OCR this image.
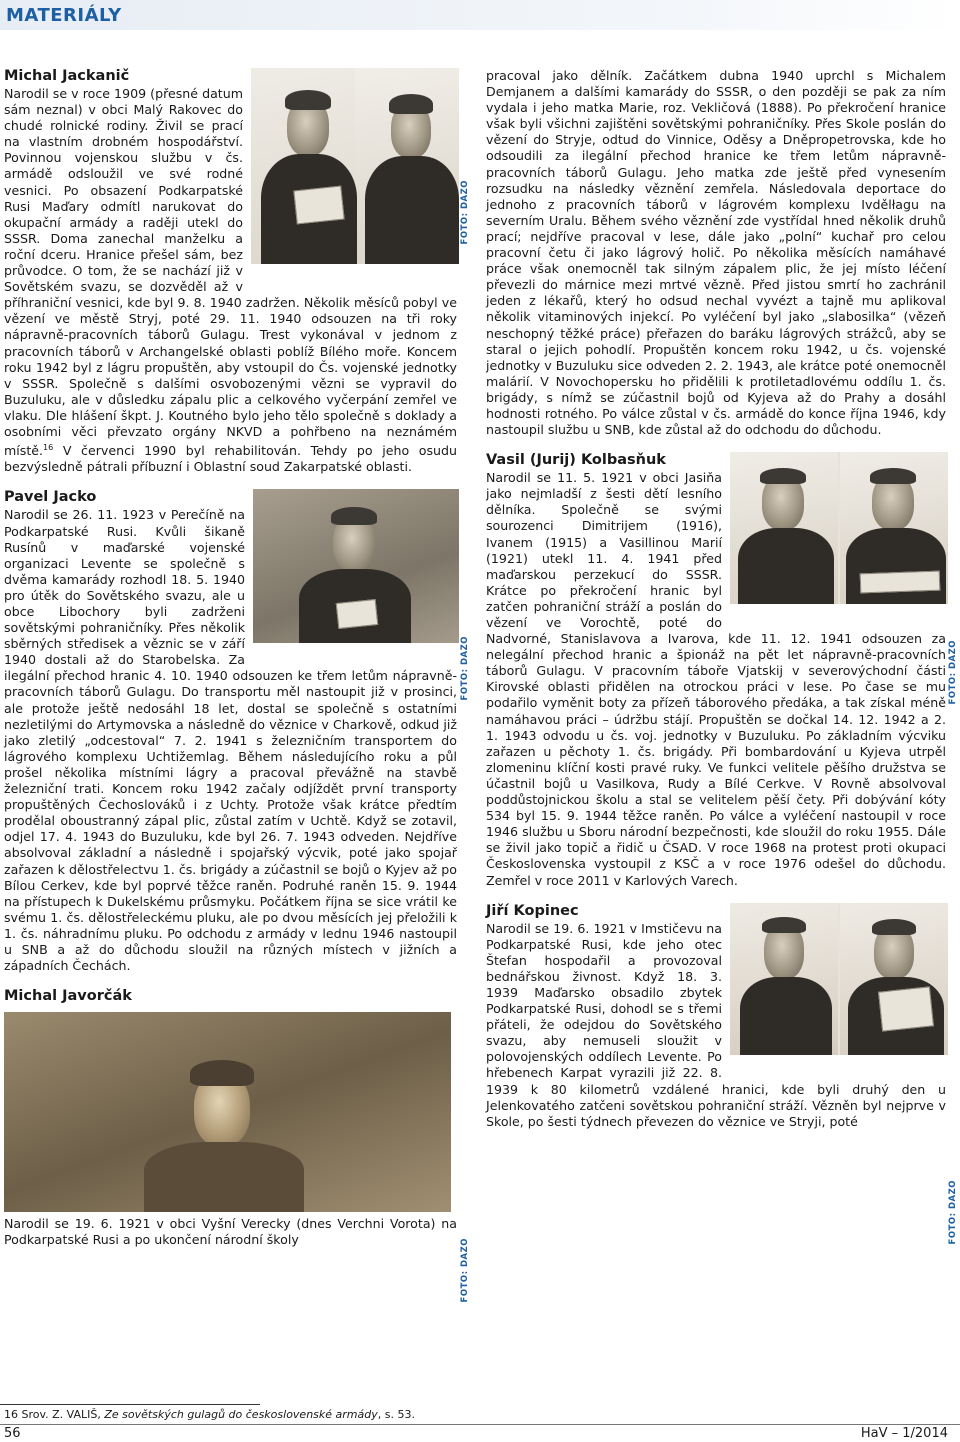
MATERIÁLY
Michal Jackanič
Narodil se v roce 1909 (přesné datum sám neznal) v obci Malý Rakovec do chudé rolnické rodiny. Živil se prací na vlastním drobném hospodářství. Povinnou vojenskou službu v čs. armádě odsloužil ve své rodné vesnici. Po obsazení Podkarpatské Rusi Maďary odmítl narukovat do okupační armády a raději utekl do SSSR. Doma zanechal manželku a roční dceru. Hranice přešel sám, bez průvodce. O tom, že se nachází již v Sovětském svazu, se dozvěděl až v příhraniční vesnici, kde byl 9. 8. 1940 zadržen. Několik měsíců pobyl ve vězení ve městě Stryj, poté 29. 11. 1940 odsouzen na tři roky nápravně-pracovních táborů Gulagu. Trest vykonával v jednom z pracovních táborů v Archangelské oblasti poblíž Bílého moře. Koncem roku 1942 byl z lágru propuštěn, aby vstoupil do Čs. vojenské jednotky v SSSR. Společně s dalšími osvobozenými vězni se vypravil do Buzuluku, ale v důsledku zápalu plic a celkového vyčerpání zemřel ve vlaku. Dle hlášení škpt. J. Koutného bylo jeho tělo společně s doklady a osobními věci převzato orgány NKVD a pohřbeno na neznámém místě.$^{16}$ V červenci 1990 byl rehabilitován. Tehdy po jeho osudu bezvýsledně pátrali příbuzní i Oblastní soud Zakarpatské oblasti.
Pavel Jacko
Narodil se 26. 11. 1923 v Perečíně na Podkarpatské Rusi. Kvůli šikaně Rusínů v maďarské vojenské organizaci Levente se společně s dvěma kamarády rozhodl 18. 5. 1940 pro útěk do Sovětského svazu, ale u obce Libochory byli zadrženi sovětskými pohraničníky. Přes několik sběrných středisek a věznic se v září 1940 dostali až do Starobelska. Za ilegální přechod hranic 4. 10. 1940 odsouzen ke třem letům nápravně-pracovních táborů Gulagu. Do transportu měl nastoupit již v prosinci, ale protože ještě nedosáhl 18 let, dostal se společně s ostatními nezletilými do Artymovska a následně do věznice v Charkově, odkud již jako zletilý „odcestoval“ 7. 2. 1941 s železničním transportem do lágrového komplexu Uchtižemlag. Během následujícího roku a půl prošel několika místními lágry a pracoval převážně na stavbě železniční trati. Koncem roku 1942 začaly odjíždět první transporty propuštěných Čechoslováků i z Uchty. Protože však krátce předtím prodělal oboustranný zápal plic, zůstal zatím v Uchtě. Když se zotavil, odjel 17. 4. 1943 do Buzuluku, kde byl 26. 7. 1943 odveden. Nejdříve absolvoval základní a následně i spojařský výcvik, poté jako spojař zařazen k dělostřelectvu 1. čs. brigády a zúčastnil se bojů o Kyjev až po Bílou Cerkev, kde byl poprvé těžce raněn. Podruhé raněn 15. 9. 1944 na přístupech k Dukelskému průsmyku. Počátkem října se sice vrátil ke svému 1. čs. dělostřeleckému pluku, ale po dvou měsících jej přeložili k 1. čs. náhradnímu pluku. Po odchodu z armády v lednu 1946 nastoupil u SNB a až do důchodu sloužil na různých místech v jižních a západních Čechách.
Michal Javorčák
Narodil se 19. 6. 1921 v obci Vyšní Verecky (dnes Verchni Vorota) na Podkarpatské Rusi a po ukončení národní školy
FOTO: DAZO
FOTO: DAZO
FOTO: DAZO
pracoval jako dělník. Začátkem dubna 1940 uprchl s Michalem Demjanem a dalšími kamarády do SSSR, o den později se pak za ním vydala i jeho matka Marie, roz. Vekličová (1888). Po překročení hranice však byli všichni zajištěni sovětskými pohraničníky. Přes Skole poslán do vězení do Stryje, odtud do Vinnice, Oděsy a Dněpropetrovska, kde ho odsoudili za ilegální přechod hranice ke třem letům nápravně-pracovních táborů Gulagu. Jeho matka zde ještě před vynesením rozsudku na následky věznění zemřela. Následovala deportace do jednoho z pracovních táborů v lágrovém komplexu Ivdělłagu na severním Uralu. Během svého věznění zde vystřídal hned několik druhů prací; nejdříve pracoval v lese, dále jako „polní“ kuchař pro celou pracovní četu či jako lágrový holič. Po několika měsících namáhavé práce však onemocněl tak silným zápalem plic, že jej místo léčení převezli do márnice mezi mrtvé vězně. Před jistou smrtí ho zachránil jeden z lékařů, který ho odsud nechal vyvézt a tajně mu aplikoval několik vitaminových injekcí. Po vyléčení byl jako „slabosilka“ (vězeň neschopný těžké práce) přeřazen do baráku lágrových strážců, aby se staral o jejich pohodlí. Propuštěn koncem roku 1942, u čs. vojenské jednotky v Buzuluku sice odveden 2. 2. 1943, ale krátce poté onemocněl malárií. V Novochopersku ho přidělili k protiletadlovému oddílu 1. čs. brigády, s nímž se zúčastnil bojů od Kyjeva až do Prahy a dosáhl hodnosti rotného. Po válce zůstal v čs. armádě do konce října 1946, kdy nastoupil službu u SNB, kde zůstal až do odchodu do důchodu.
Vasil (Jurij) Kolbasňuk
Narodil se 11. 5. 1921 v obci Jasiňa jako nejmladší z šesti dětí lesního dělníka. Společně se svými sourozenci Dimitrijem (1916), Ivanem (1915) a Vasillinou Marií (1921) utekl 11. 4. 1941 před maďarskou perzekucí do SSSR. Krátce po překročení hranic byl zatčen pohraniční stráží a poslán do vězení ve Vorochtě, poté do Nadvorné, Stanislavova a Ivarova, kde 11. 12. 1941 odsouzen za nelegální přechod hranic a špionáž na pět let nápravně-pracovních táborů Gulagu. V pracovním táboře Vjatskij v severovýchodní části Kirovské oblasti přidělen na otrockou práci v lese. Po čase se mu podařilo vyměnit boty za přízeň táborového předáka, a tak získal méně namáhavou práci – údržbu stájí. Propuštěn se dočkal 14. 12. 1942 a 2. 1. 1943 odvodu u čs. voj. jednotky v Buzuluku. Po základním výcviku zařazen u pěchoty 1. čs. brigády. Při bombardování u Kyjeva utrpěl zlomeninu klíční kosti pravé ruky. Ve funkci velitele pěšího družstva se účastnil bojů u Vasilkova, Rudy a Bílé Cerkve. V Rovně absolvoval poddůstojnickou školu a stal se velitelem pěší čety. Při dobývání kóty 534 byl 15. 9. 1944 těžce raněn. Po válce a vyléčení nastoupil v roce 1946 službu u Sboru národní bezpečnosti, kde sloužil do roku 1955. Dále se živil jako topič a řidič u ČSAD. V roce 1968 na protest proti okupaci Československa vystoupil z KSČ a v roce 1976 odešel do důchodu. Zemřel v roce 2011 v Karlových Varech.
Jiří Kopinec
Narodil se 19. 6. 1921 v Imstičevu na Podkarpatské Rusi, kde jeho otec Štefan hospodařil a provozoval bednářskou živnost. Když 18. 3. 1939 Maďarsko obsadilo zbytek Podkarpatské Rusi, dohodl se s třemi přáteli, že odejdou do Sovětského svazu, aby nemuseli sloužit v polovojenských oddílech Levente. Po hřebenech Karpat vyrazili již 22. 8. 1939 k 80 kilometrů vzdálené hranici, kde byli druhý den u Jelenkovatého zatčeni sovětskou pohraniční stráží. Vězněn byl nejprve v Skole, po šesti týdnech převezen do věznice ve Stryji, poté
FOTO: DAZO
FOTO: DAZO
16 Srov. Z. VALIŠ, Ze sovětských gulagů do československé armády, s. 53.
56	HaV – 1/2014
